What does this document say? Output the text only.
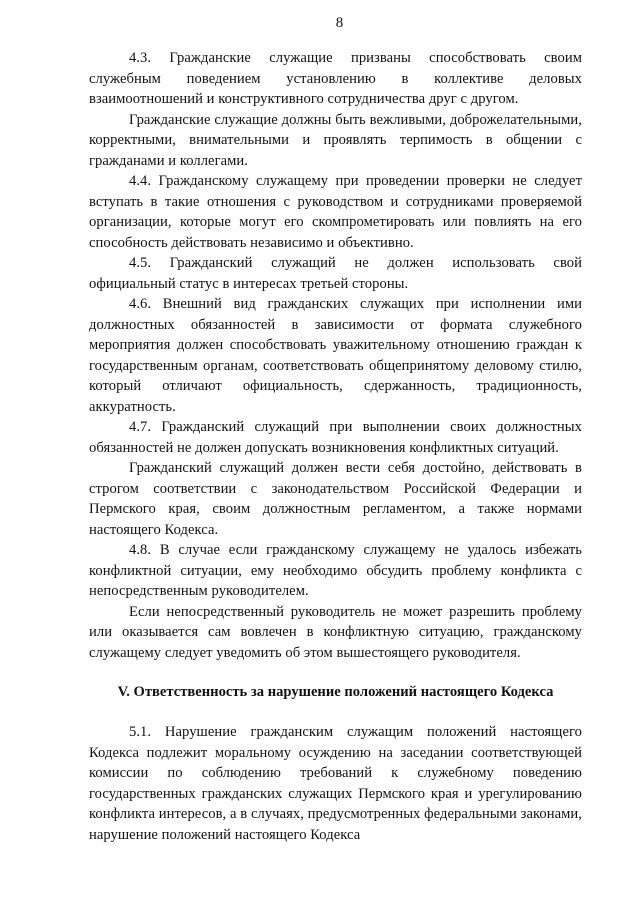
8

4.3. Гражданские служащие призваны способствовать своим служебным поведением установлению в коллективе деловых взаимоотношений и конструктивного сотрудничества друг с другом.

Гражданские служащие должны быть вежливыми, доброжелательными, корректными, внимательными и проявлять терпимость в общении с гражданами и коллегами.

4.4. Гражданскому служащему при проведении проверки не следует вступать в такие отношения с руководством и сотрудниками проверяемой организации, которые могут его скомпрометировать или повлиять на его способность действовать независимо и объективно.

4.5. Гражданский служащий не должен использовать свой официальный статус в интересах третьей стороны.

4.6. Внешний вид гражданских служащих при исполнении ими должностных обязанностей в зависимости от формата служебного мероприятия должен способствовать уважительному отношению граждан к государственным органам, соответствовать общепринятому деловому стилю, который отличают официальность, сдержанность, традиционность, аккуратность.

4.7. Гражданский служащий при выполнении своих должностных обязанностей не должен допускать возникновения конфликтных ситуаций.

Гражданский служащий должен вести себя достойно, действовать в строгом соответствии с законодательством Российской Федерации и Пермского края, своим должностным регламентом, а также нормами настоящего Кодекса.

4.8. В случае если гражданскому служащему не удалось избежать конфликтной ситуации, ему необходимо обсудить проблему конфликта с непосредственным руководителем.

Если непосредственный руководитель не может разрешить проблему или оказывается сам вовлечен в конфликтную ситуацию, гражданскому служащему следует уведомить об этом вышестоящего руководителя.

V. Ответственность за нарушение положений настоящего Кодекса

5.1. Нарушение гражданским служащим положений настоящего Кодекса подлежит моральному осуждению на заседании соответствующей комиссии по соблюдению требований к служебному поведению государственных гражданских служащих Пермского края и урегулированию конфликта интересов, а в случаях, предусмотренных федеральными законами, нарушение положений настоящего Кодекса
